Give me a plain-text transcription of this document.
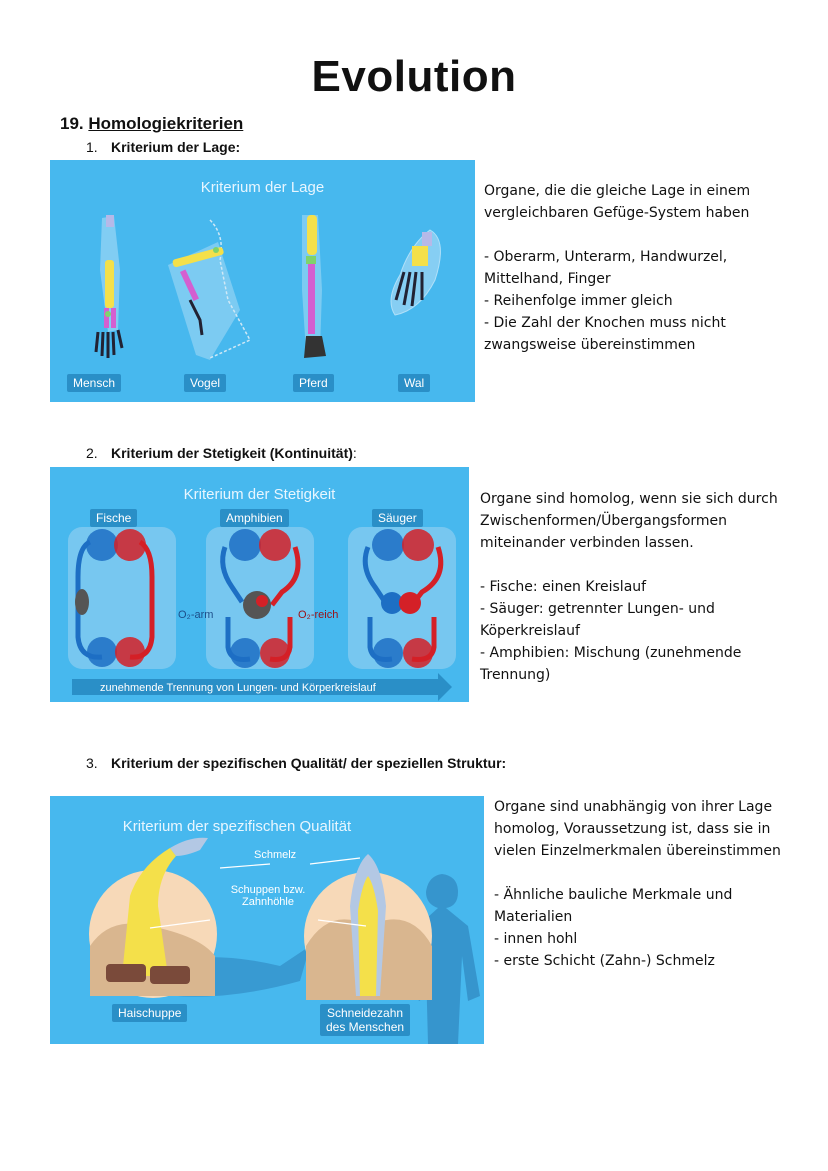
Evolution
19. Homologiekriterien
1. Kriterium der Lage:
Kriterium der Lage
Mensch	Vogel	Pferd	Wal
Organe, die die gleiche Lage in einem
vergleichbaren Gefüge-System haben

- Oberarm, Unterarm, Handwurzel,
Mittelhand, Finger
- Reihenfolge immer gleich
- Die Zahl der Knochen muss nicht
zwangsweise übereinstimmen
2. Kriterium der Stetigkeit (Kontinuität):
Kriterium der Stetigkeit
Fische	Amphibien	Säuger
O₂-arm	O₂-reich
zunehmende Trennung von Lungen- und Körperkreislauf
Organe sind homolog, wenn sie sich durch
Zwischenformen/Übergangsformen
miteinander verbinden lassen.

- Fische: einen Kreislauf
- Säuger: getrennter Lungen- und
Köperkreislauf
- Amphibien: Mischung (zunehmende
Trennung)
3. Kriterium der spezifischen Qualität/ der speziellen Struktur:
Kriterium der spezifischen Qualität
Schmelz
Schuppen bzw.
Zahnhöhle
Haischuppe	Schneidezahn
des Menschen
Organe sind unabhängig von ihrer Lage
homolog, Voraussetzung ist, dass sie in
vielen Einzelmerkmalen übereinstimmen

- Ähnliche bauliche Merkmale und
Materialien
- innen hohl
- erste Schicht (Zahn-) Schmelz
